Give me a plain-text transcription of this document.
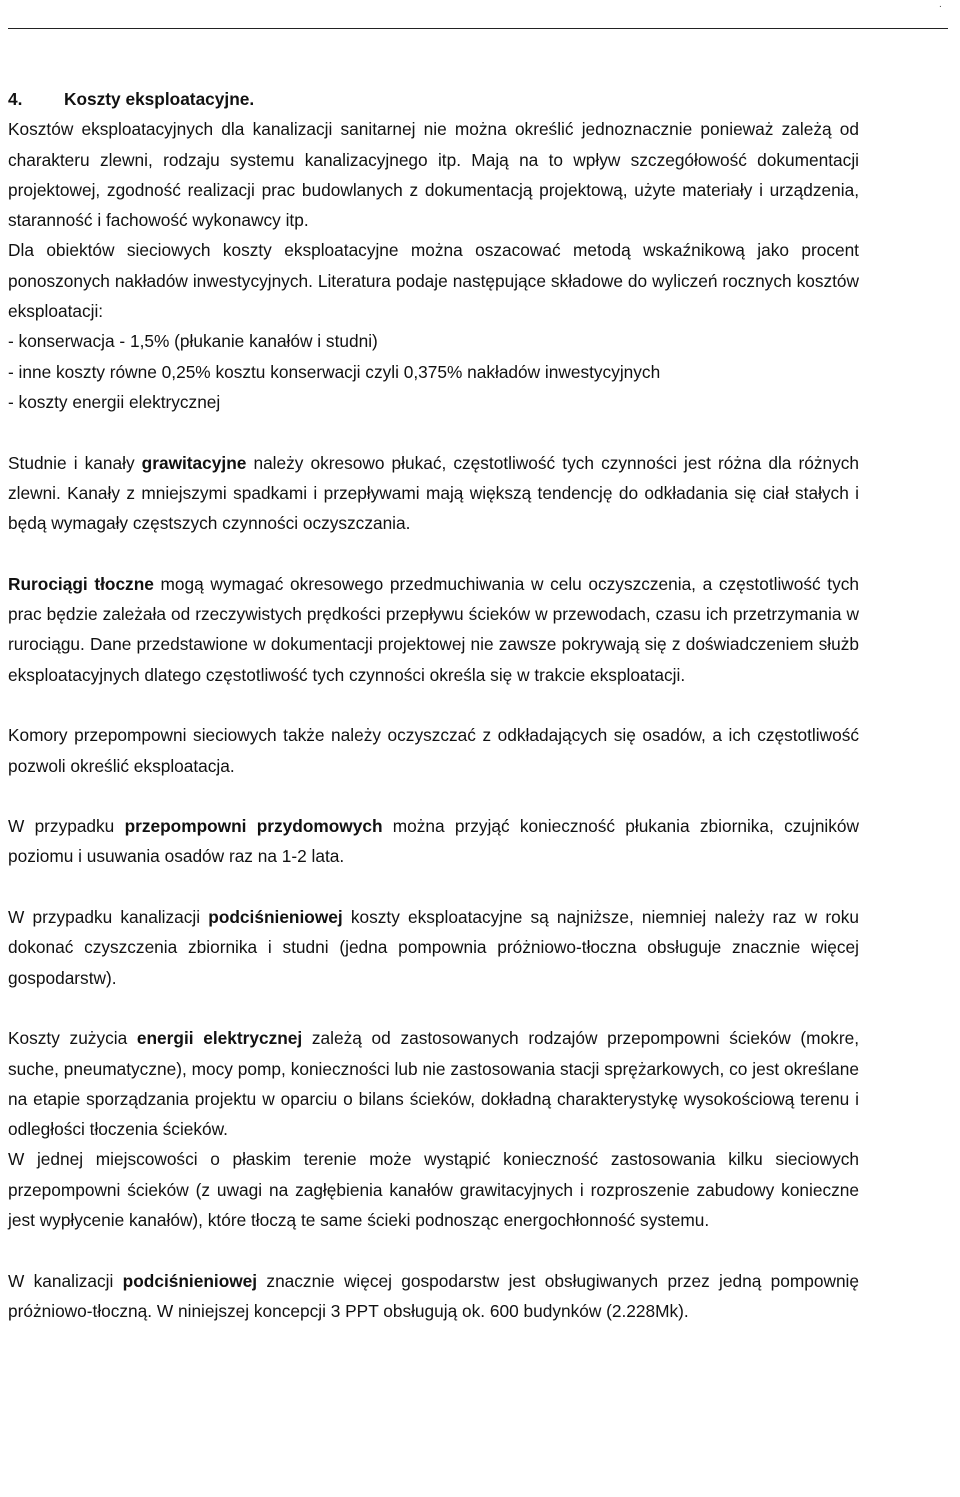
.

4. Koszty eksploatacyjne.

Kosztów eksploatacyjnych dla kanalizacji sanitarnej nie można określić jednoznacznie ponieważ zależą od charakteru zlewni, rodzaju systemu kanalizacyjnego itp. Mają na to wpływ szczegółowość dokumentacji projektowej, zgodność realizacji prac budowlanych z dokumentacją projektową, użyte materiały i urządzenia, staranność i fachowość wykonawcy itp.

Dla obiektów sieciowych koszty eksploatacyjne można oszacować metodą wskaźnikową jako procent ponoszonych nakładów inwestycyjnych. Literatura podaje następujące składowe do wyliczeń rocznych kosztów eksploatacji:

- konserwacja - 1,5% (płukanie kanałów i studni)
- inne koszty równe 0,25% kosztu konserwacji czyli 0,375% nakładów inwestycyjnych
- koszty energii elektrycznej

Studnie i kanały grawitacyjne należy okresowo płukać, częstotliwość tych czynności jest różna dla różnych zlewni. Kanały z mniejszymi spadkami i przepływami mają większą tendencję do odkładania się ciał stałych i będą wymagały częstszych czynności oczyszczania.

Rurociągi tłoczne mogą wymagać okresowego przedmuchiwania w celu oczyszczenia, a częstotliwość tych prac będzie zależała od rzeczywistych prędkości przepływu ścieków w przewodach, czasu ich przetrzymania w rurociągu. Dane przedstawione w dokumentacji projektowej nie zawsze pokrywają się z doświadczeniem służb eksploatacyjnych dlatego częstotliwość tych czynności określa się w trakcie eksploatacji.

Komory przepompowni sieciowych także należy oczyszczać z odkładających się osadów, a ich częstotliwość pozwoli określić eksploatacja.

W przypadku przepompowni przydomowych można przyjąć konieczność płukania zbiornika, czujników poziomu i usuwania osadów raz na 1-2 lata.

W przypadku kanalizacji podciśnieniowej koszty eksploatacyjne są najniższe, niemniej należy raz w roku dokonać czyszczenia zbiornika i studni (jedna pompownia próżniowo-tłoczna obsługuje znacznie więcej gospodarstw).

Koszty zużycia energii elektrycznej zależą od zastosowanych rodzajów przepompowni ścieków (mokre, suche, pneumatyczne), mocy pomp, konieczności lub nie zastosowania stacji sprężarkowych, co jest określane na etapie sporządzania projektu w oparciu o bilans ścieków, dokładną charakterystykę wysokościową terenu i odległości tłoczenia ścieków.

W jednej miejscowości o płaskim terenie może wystąpić konieczność zastosowania kilku sieciowych przepompowni ścieków (z uwagi na zagłębienia kanałów grawitacyjnych i rozproszenie zabudowy konieczne jest wypłycenie kanałów), które tłoczą te same ścieki podnosząc energochłonność systemu.

W kanalizacji podciśnieniowej znacznie więcej gospodarstw jest obsługiwanych przez jedną pompownię próżniowo-tłoczną. W niniejszej koncepcji 3 PPT obsługują ok. 600 budynków (2.228Mk).
